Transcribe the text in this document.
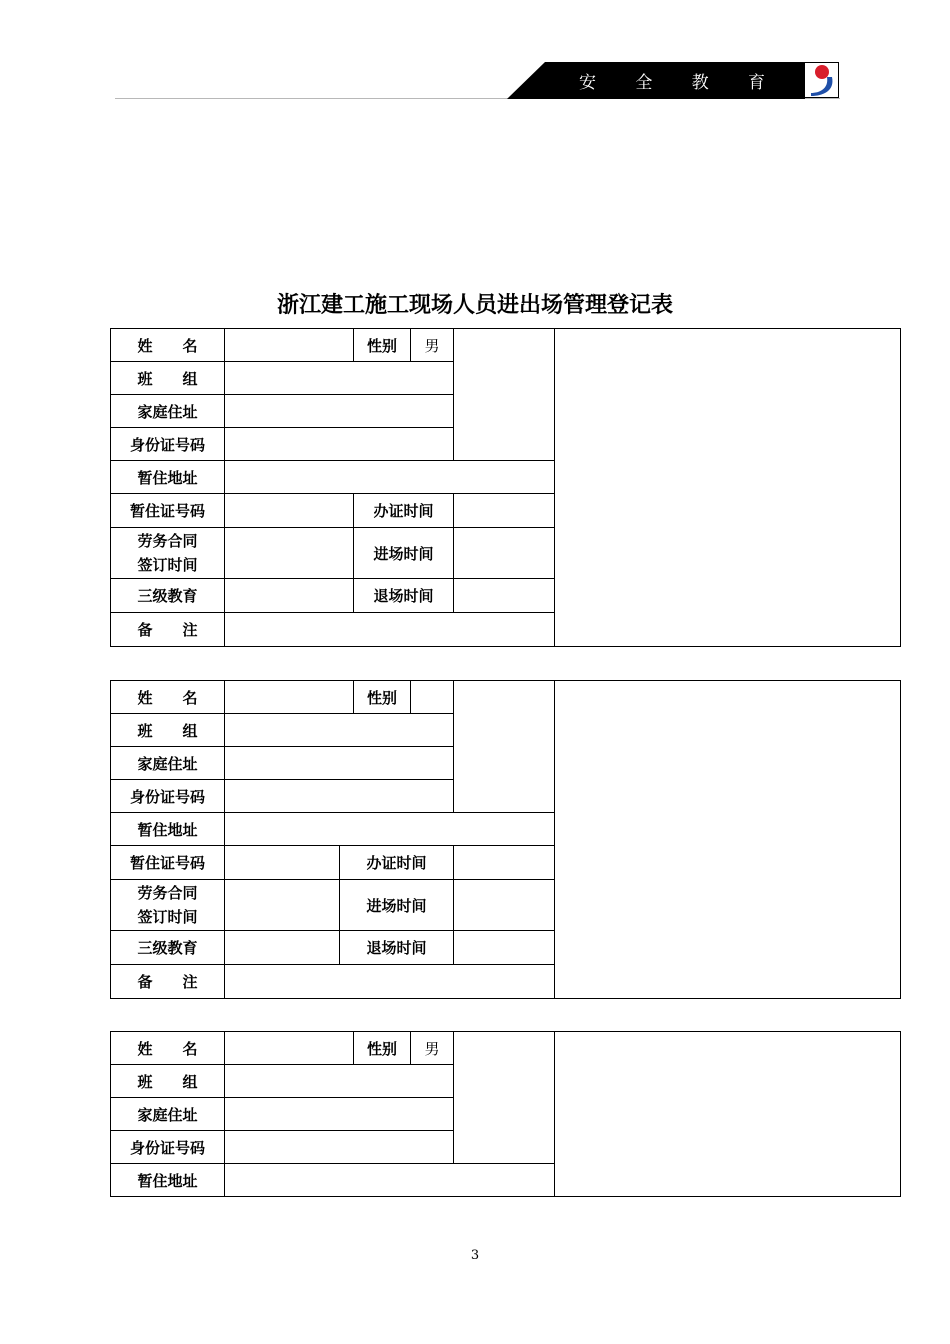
安 全 教 育
浙江建工施工现场人员进出场管理登记表
姓　　名		性别	男		
班　　组					
家庭住址					
身份证号码					
暂住地址					
暂住证号码		办证时间			
劳务合同
签订时间		进场时间			
三级教育		退场时间			
备　　注					
姓　　名			性别			
班　　组						
家庭住址						
身份证号码						
暂住地址						
暂住证号码		办证时间				
劳务合同
签订时间		进场时间				
三级教育		退场时间				
备　　注						
姓　　名		性别	男		
班　　组					
家庭住址					
身份证号码					
暂住地址					
3
